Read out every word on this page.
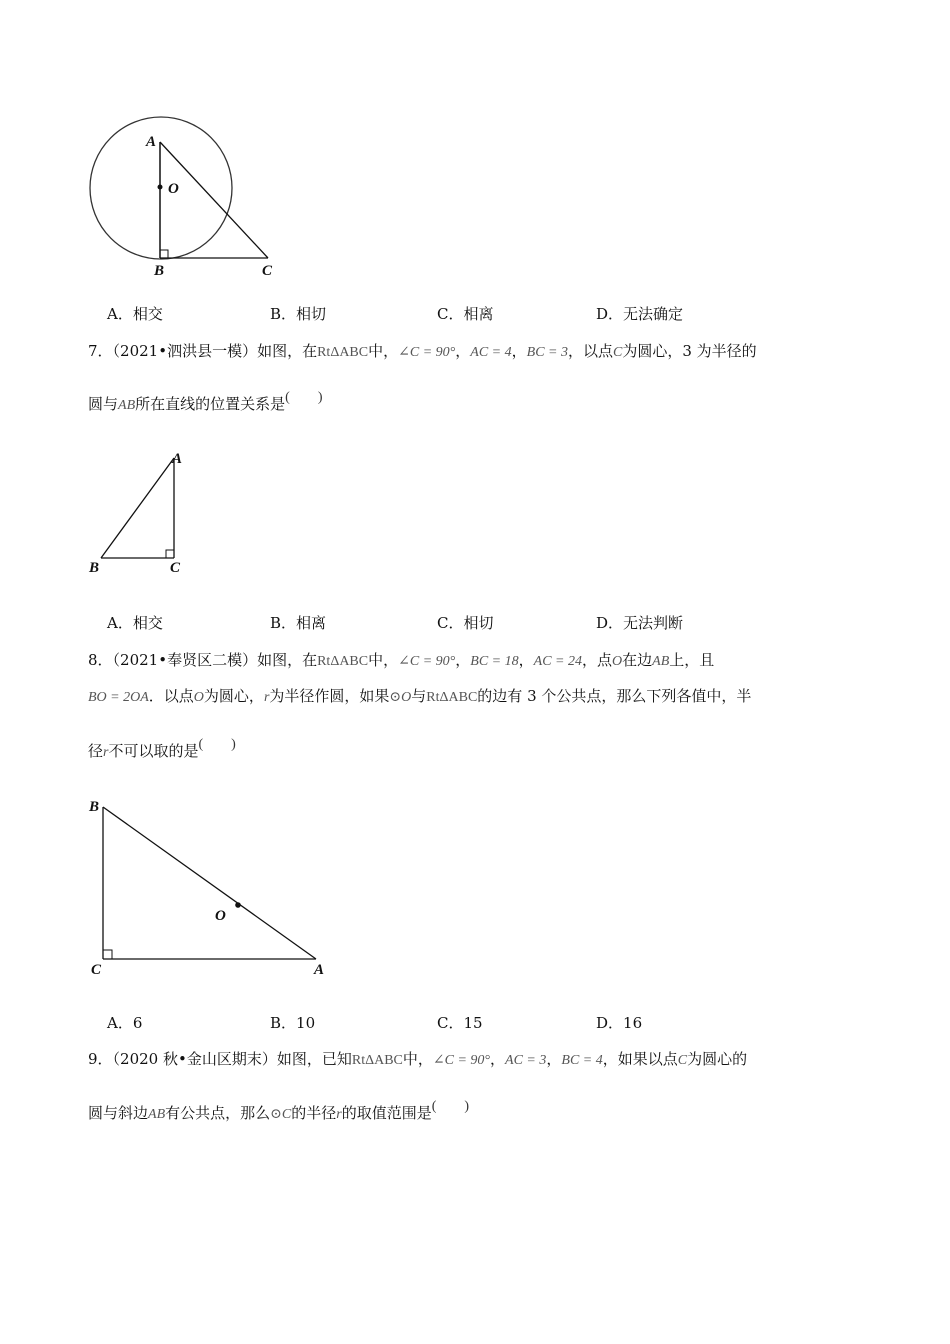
A
O
B	C
A．相交	B．相切	C．相离	D．无法确定
7．（2021•泗洪县一模）如图，在RtΔABC中，∠C = 90°，AC = 4，BC = 3，以点C为圆心，3 为半径的
圆与AB所在直线的位置关系是( )
A
B	C
A．相交	B．相离	C．相切	D．无法判断
8．（2021•奉贤区二模）如图，在RtΔABC中，∠C = 90°，BC = 18，AC = 24，点O在边AB上，且
BO = 2OA．以点O为圆心，r为半径作圆，如果⊙O与RtΔABC的边有 3 个公共点，那么下列各值中，半
径r不可以取的是( )
B
O
C	A
A．6	B．10	C．15	D．16
9．（2020 秋•金山区期末）如图，已知RtΔABC中，∠C = 90°，AC = 3，BC = 4，如果以点C为圆心的
圆与斜边AB有公共点，那么⊙C的半径r的取值范围是( )
